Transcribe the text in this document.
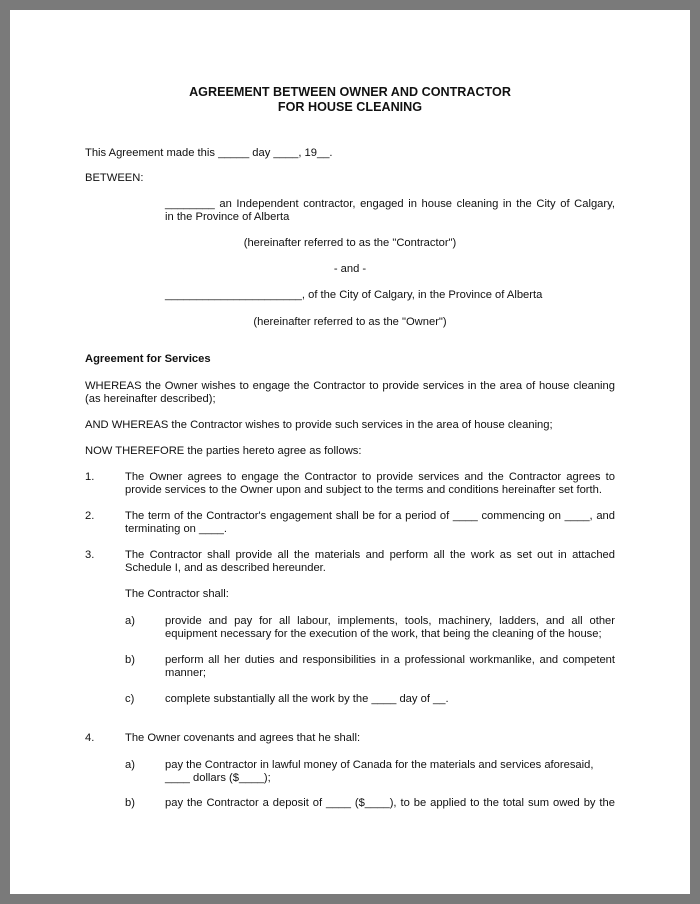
AGREEMENT BETWEEN OWNER AND CONTRACTOR
FOR HOUSE CLEANING
This Agreement made this _____ day ____, 19__.
BETWEEN:
________ an Independent contractor, engaged in house cleaning in the City of Calgary,
in the Province of Alberta
(hereinafter referred to as the "Contractor")
- and -
______________________, of the City of Calgary, in the Province of Alberta
(hereinafter referred to as the "Owner")
Agreement for Services
WHEREAS the Owner wishes to engage the Contractor to provide services in the area of house cleaning
(as hereinafter described);
AND WHEREAS the Contractor wishes to provide such services in the area of house cleaning;
NOW THEREFORE the parties hereto agree as follows:
1.	The Owner agrees to engage the Contractor to provide services and the Contractor agrees to
provide services to the Owner upon and subject to the terms and conditions hereinafter set forth.
2.	The term of the Contractor's engagement shall be for a period of ____ commencing on ____, and
terminating on ____.
3.	The Contractor shall provide all the materials and perform all the work as set out in attached
Schedule I, and as described hereunder.
The Contractor shall:
a)	provide and pay for all labour, implements, tools, machinery, ladders, and all other
equipment necessary for the execution of the work, that being the cleaning of the house;
b)	perform all her duties and responsibilities in a professional workmanlike, and competent
manner;
c)	complete substantially all the work by the ____ day of __.
4.	The Owner covenants and agrees that he shall:
a)	pay the Contractor in lawful money of Canada for the materials and services aforesaid,
____ dollars ($____);
b)	pay the Contractor a deposit of ____ ($____), to be applied to the total sum owed by the
